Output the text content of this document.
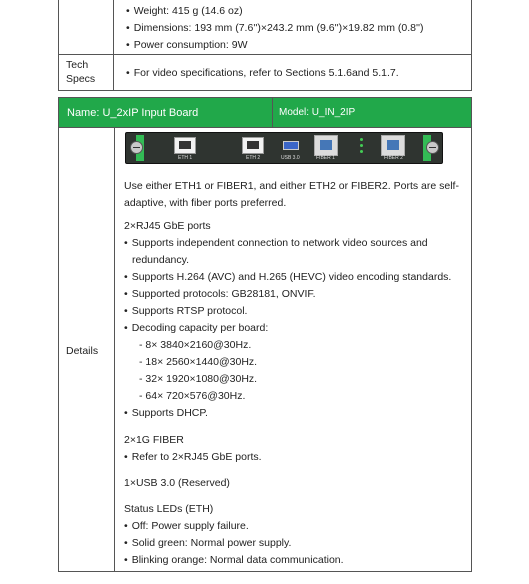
• Weight: 415 g (14.6 oz)
• Dimensions: 193 mm (7.6'')×243.2 mm (9.6'')×19.82 mm (0.8'')
• Power consumption: 9W
Tech
Specs
•	For video specifications, refer to Sections 5.1.6and 5.1.7.
Name: U_2xIP Input Board	Model: U_IN_2IP
Details
ETH 1	ETH 2	USB 3.0	FIBER 1	FIBER 2
Use either ETH1 or FIBER1, and either ETH2 or FIBER2. Ports are self-
adaptive, with fiber ports preferred.
2×RJ45 GbE ports
• Supports independent connection to network video sources and
redundancy.
• Supports H.264 (AVC) and H.265 (HEVC) video encoding standards.
• Supported protocols: GB28181, ONVIF.
• Supports RTSP protocol.
• Decoding capacity per board:
- 8× 3840×2160@30Hz.
- 18× 2560×1440@30Hz.
- 32× 1920×1080@30Hz.
- 64× 720×576@30Hz.
• Supports DHCP.
2×1G FIBER
• Refer to 2×RJ45 GbE ports.
1×USB 3.0 (Reserved)
Status LEDs (ETH)
• Off: Power supply failure.
• Solid green: Normal power supply.
• Blinking orange: Normal data communication.
